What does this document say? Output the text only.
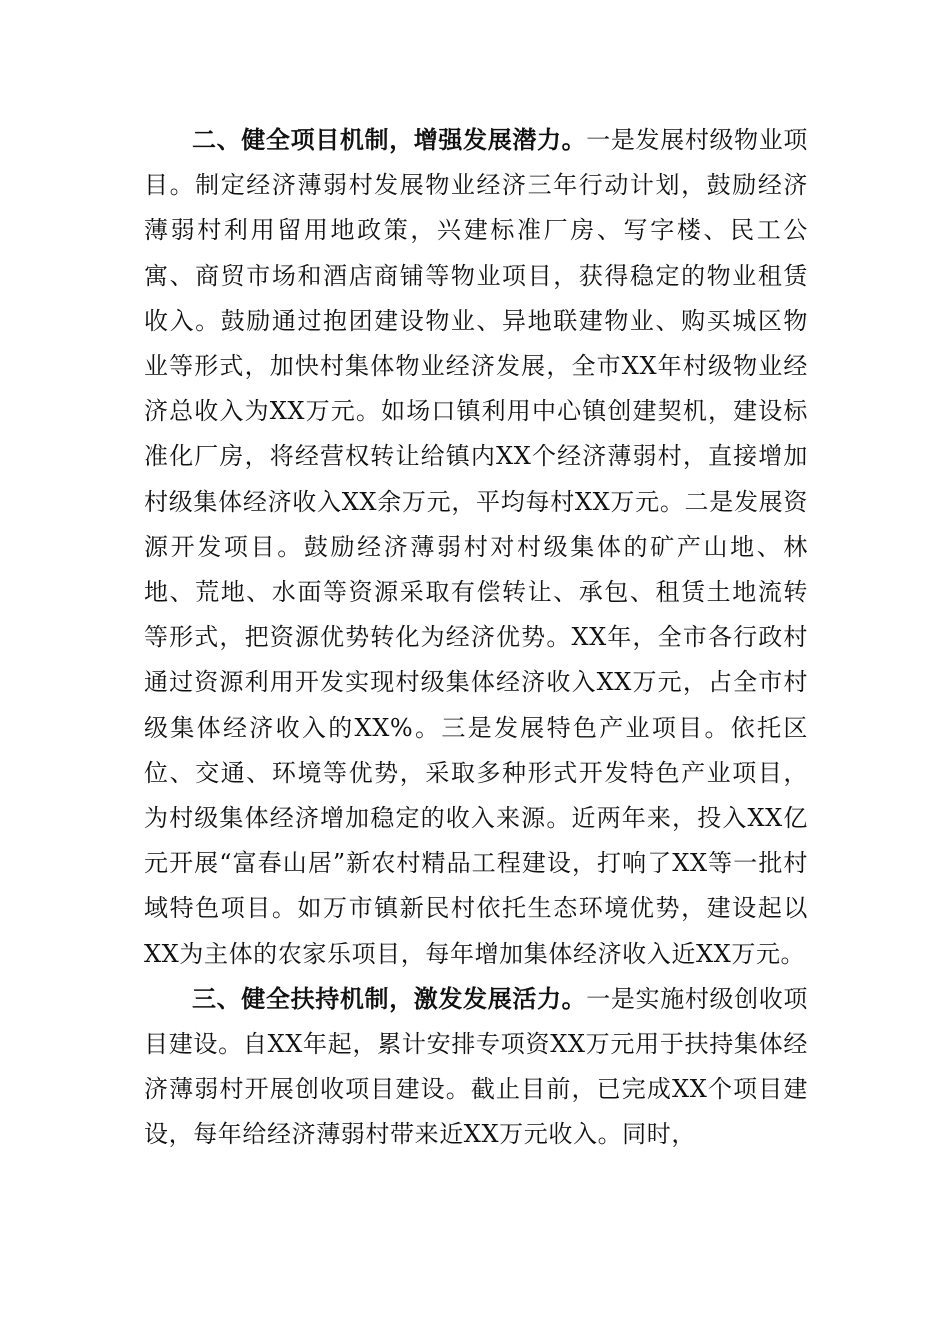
二、健全项目机制，增强发展潜力。一是发展村级物业项目。制定经济薄弱村发展物业经济三年行动计划，鼓励经济薄弱村利用留用地政策，兴建标准厂房、写字楼、民工公寓、商贸市场和酒店商铺等物业项目，获得稳定的物业租赁收入。鼓励通过抱团建设物业、异地联建物业、购买城区物业等形式，加快村集体物业经济发展，全市XX年村级物业经济总收入为XX万元。如场口镇利用中心镇创建契机，建设标准化厂房，将经营权转让给镇内XX个经济薄弱村，直接增加村级集体经济收入XX余万元，平均每村XX万元。二是发展资源开发项目。鼓励经济薄弱村对村级集体的矿产山地、林地、荒地、水面等资源采取有偿转让、承包、租赁土地流转等形式，把资源优势转化为经济优势。XX年，全市各行政村通过资源利用开发实现村级集体经济收入XX万元，占全市村级集体经济收入的XX%。三是发展特色产业项目。依托区位、交通、环境等优势，采取多种形式开发特色产业项目，为村级集体经济增加稳定的收入来源。近两年来，投入XX亿元开展“富春山居”新农村精品工程建设，打响了XX等一批村域特色项目。如万市镇新民村依托生态环境优势，建设起以XX为主体的农家乐项目，每年增加集体经济收入近XX万元。

三、健全扶持机制，激发发展活力。一是实施村级创收项目建设。自XX年起，累计安排专项资XX万元用于扶持集体经济薄弱村开展创收项目建设。截止目前，已完成XX个项目建设，每年给经济薄弱村带来近XX万元收入。同时，
